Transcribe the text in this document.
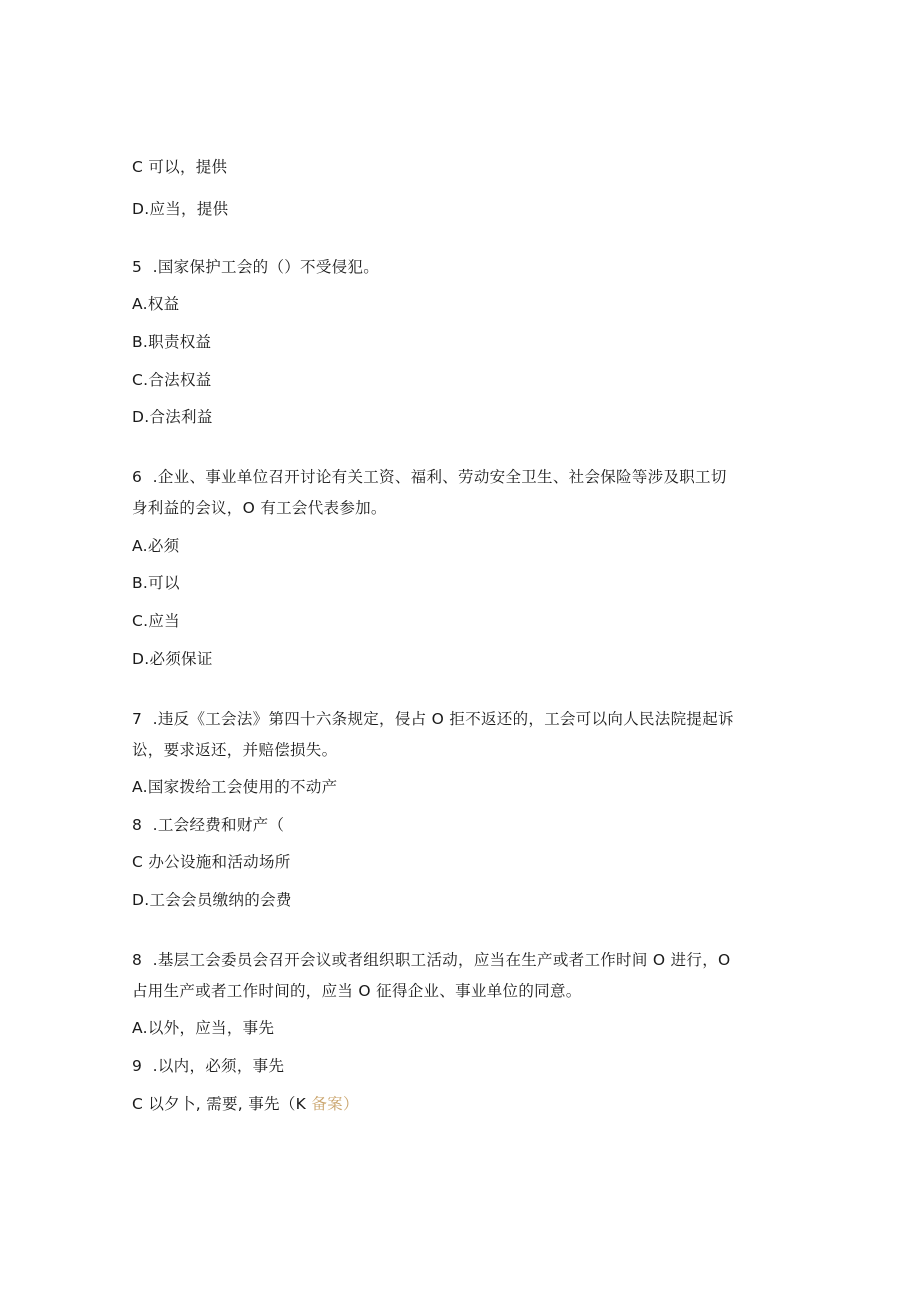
C 可以，提供
D.应当，提供
5  .国家保护工会的（）不受侵犯。
A.权益
B.职责权益
C.合法权益
D.合法利益
6  .企业、事业单位召开讨论有关工资、福利、劳动安全卫生、社会保险等涉及职工切
身利益的会议，O 有工会代表参加。
A.必须
B.可以
C.应当
D.必须保证
7  .违反《工会法》第四十六条规定，侵占 O 拒不返还的，工会可以向人民法院提起诉
讼，要求返还，并赔偿损失。
A.国家拨给工会使用的不动产
8  .工会经费和财产（
C 办公设施和活动场所
D.工会会员缴纳的会费
8  .基层工会委员会召开会议或者组织职工活动，应当在生产或者工作时间 O 进行，O
占用生产或者工作时间的，应当 O 征得企业、事业单位的同意。
A.以外，应当，事先
9  .以内，必须，事先
C 以夕卜, 需要, 事先（K 备案）
